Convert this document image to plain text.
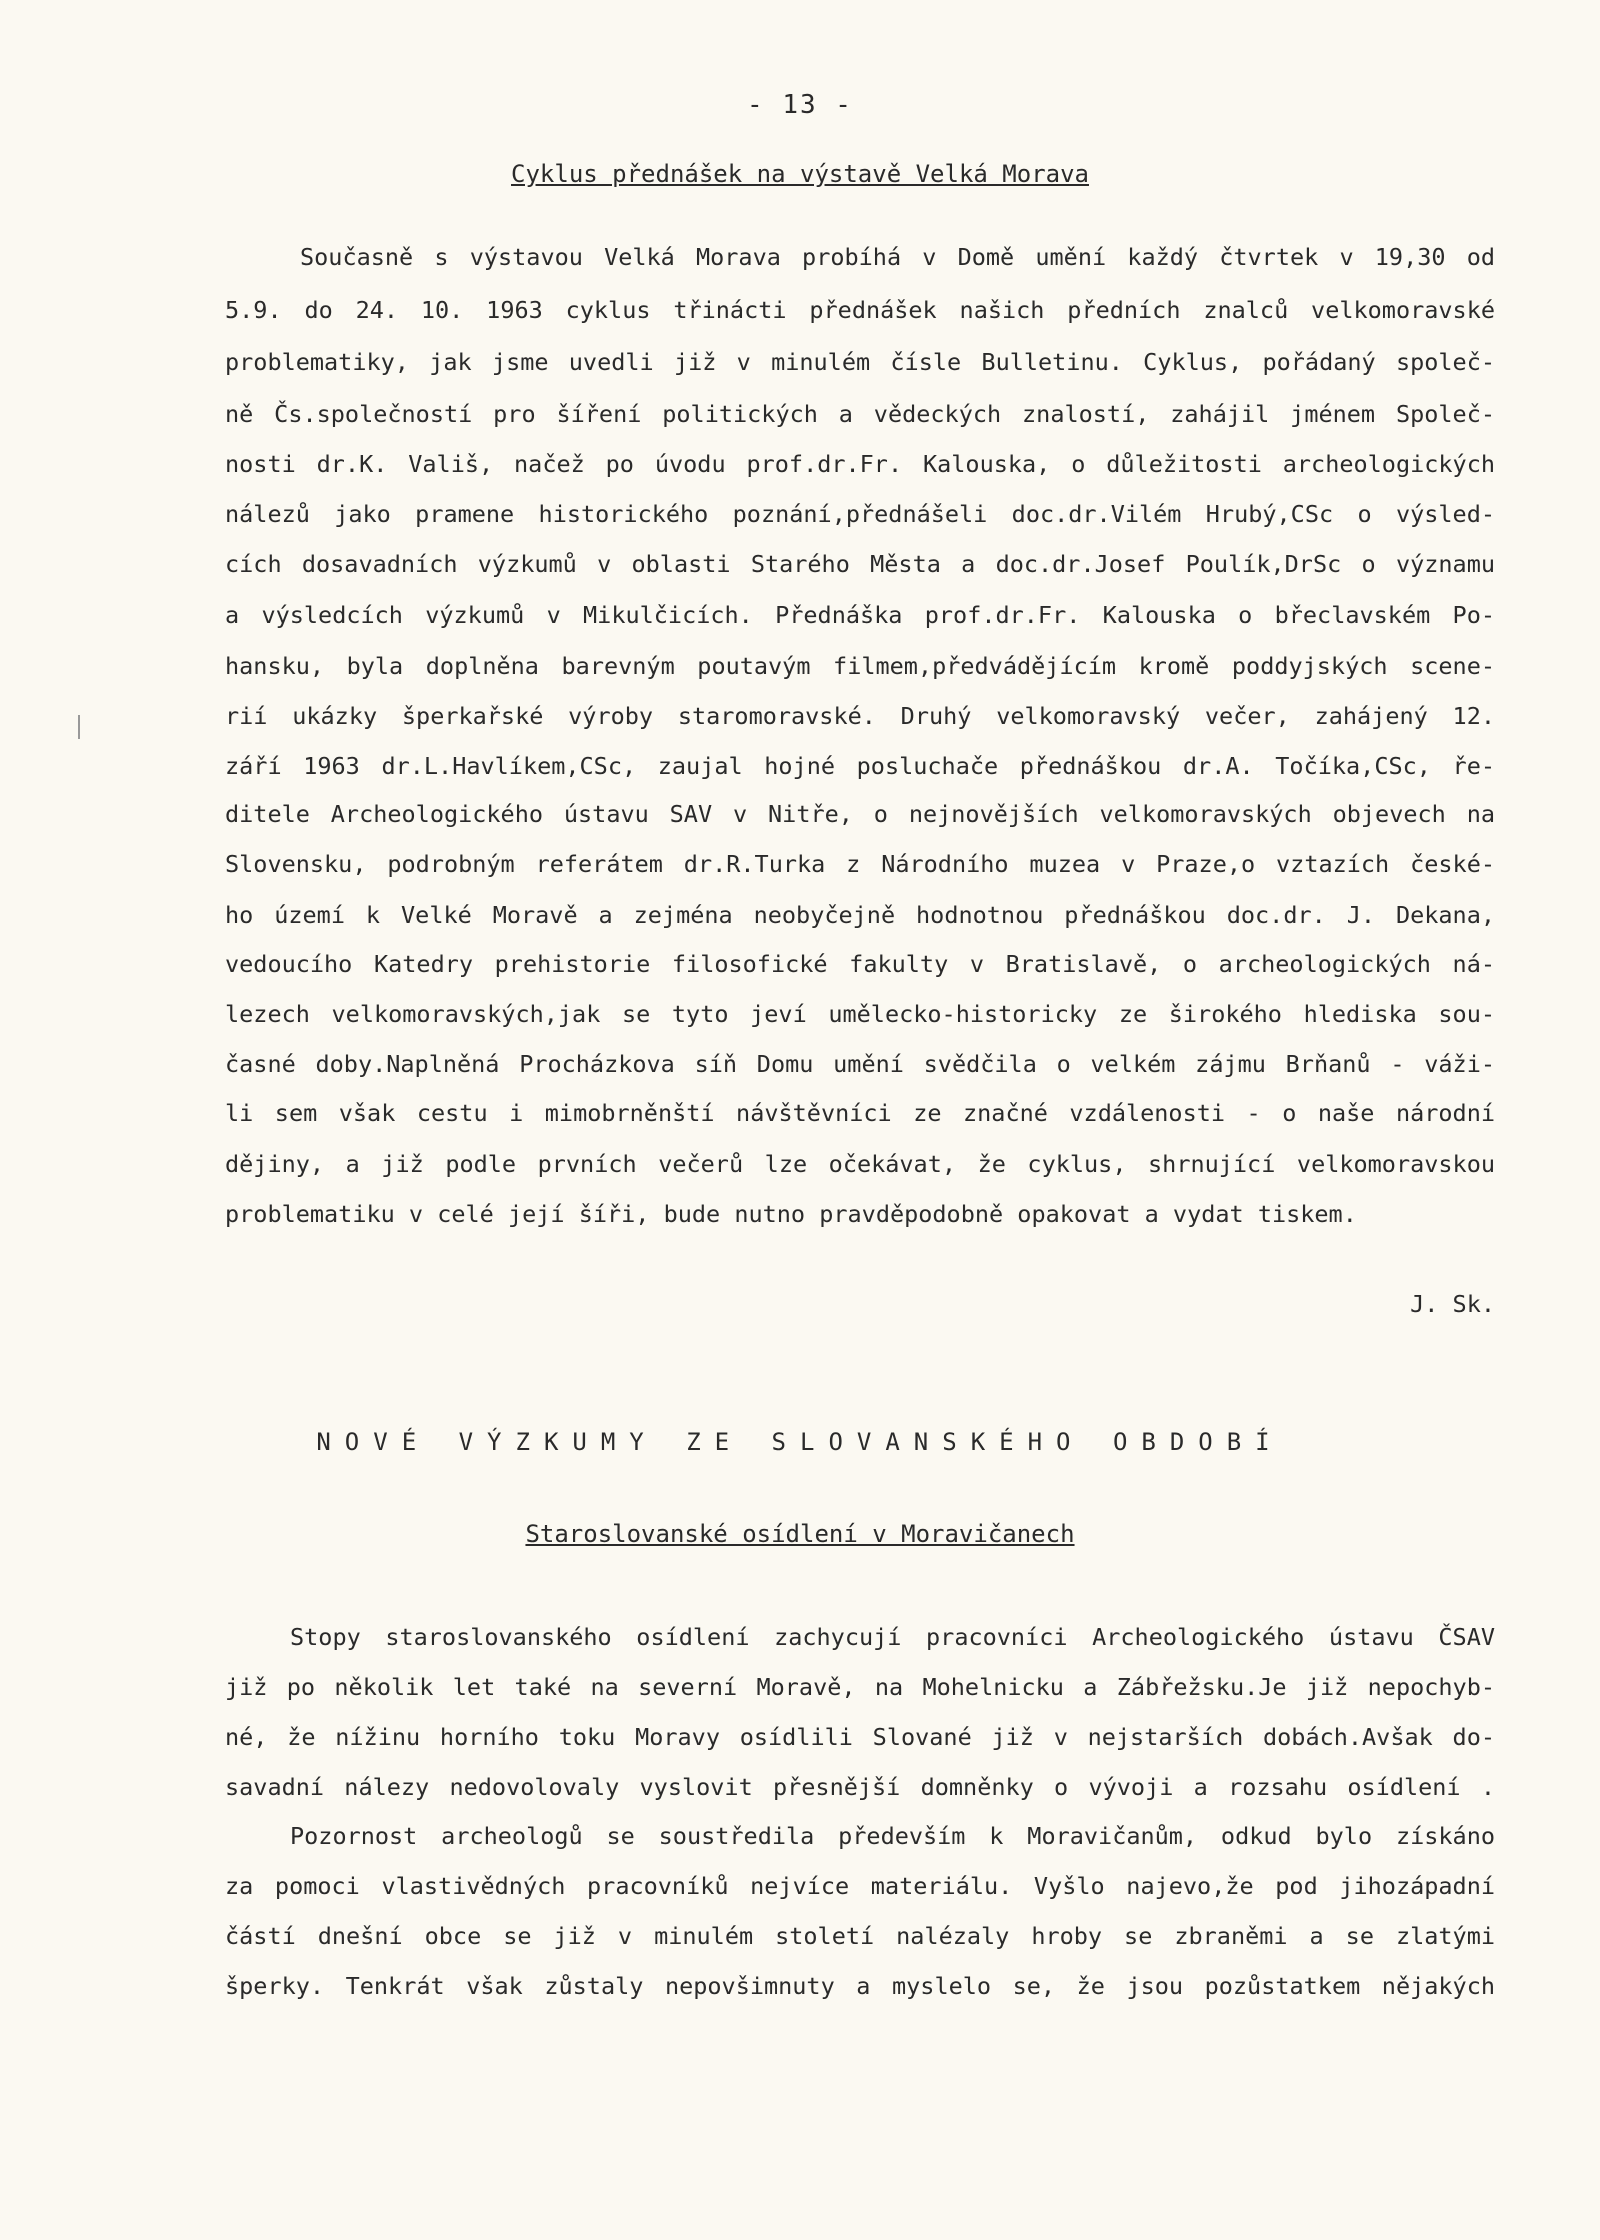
- 13 -
Cyklus přednášek na výstavě Velká Morava
Současně s výstavou Velká Morava probíhá v Domě umění každý čtvrtek v 19,30 od
5.9. do 24. 10. 1963 cyklus třinácti přednášek našich předních znalců velkomoravské
problematiky, jak jsme uvedli již v minulém čísle Bulletinu. Cyklus, pořádaný společ-
ně Čs.společností pro šíření politických a vědeckých znalostí, zahájil jménem Společ-
nosti dr.K. Vališ, načež po úvodu prof.dr.Fr. Kalouska, o důležitosti archeologických
nálezů jako pramene historického poznání,přednášeli doc.dr.Vilém Hrubý,CSc o výsled-
cích dosavadních výzkumů v oblasti Starého Města a doc.dr.Josef Poulík,DrSc o významu
a výsledcích výzkumů v Mikulčicích. Přednáška prof.dr.Fr. Kalouska o břeclavském Po-
hansku, byla doplněna barevným poutavým filmem,předvádějícím kromě poddyjských scene-
rií ukázky šperkařské výroby staromoravské. Druhý velkomoravský večer, zahájený 12.
září 1963 dr.L.Havlíkem,CSc, zaujal hojné posluchače přednáškou dr.A. Točíka,CSc, ře-
ditele Archeologického ústavu SAV v Nitře, o nejnovějších velkomoravských objevech na
Slovensku, podrobným referátem dr.R.Turka z Národního muzea v Praze,o vztazích české-
ho území k Velké Moravě a zejména neobyčejně hodnotnou přednáškou doc.dr. J. Dekana,
vedoucího Katedry prehistorie filosofické fakulty v Bratislavě, o archeologických ná-
lezech velkomoravských,jak se tyto jeví umělecko-historicky ze širokého hlediska sou-
časné doby.Naplněná Procházkova síň Domu umění svědčila o velkém zájmu Brňanů - váži-
li sem však cestu i mimobrněnští návštěvníci ze značné vzdálenosti - o naše národní
dějiny, a již podle prvních večerů lze očekávat, že cyklus, shrnující velkomoravskou
problematiku v celé její šíři, bude nutno pravděpodobně opakovat a vydat tiskem.
J. Sk.
NOVÉ VÝZKUMY ZE SLOVANSKÉHO OBDOBÍ
Staroslovanské osídlení v Moravičanech
Stopy staroslovanského osídlení zachycují pracovníci Archeologického ústavu ČSAV
již po několik let také na severní Moravě, na Mohelnicku a Zábřežsku.Je již nepochyb-
né, že nížinu horního toku Moravy osídlili Slované již v nejstarších dobách.Avšak do-
savadní nálezy nedovolovaly vyslovit přesnější domněnky o vývoji a rozsahu osídlení .
Pozornost archeologů se soustředila především k Moravičanům, odkud bylo získáno
za pomoci vlastivědných pracovníků nejvíce materiálu. Vyšlo najevo,že pod jihozápadní
částí dnešní obce se již v minulém století nalézaly hroby se zbraněmi a se zlatými
šperky. Tenkrát však zůstaly nepovšimnuty a myslelo se, že jsou pozůstatkem nějakých
